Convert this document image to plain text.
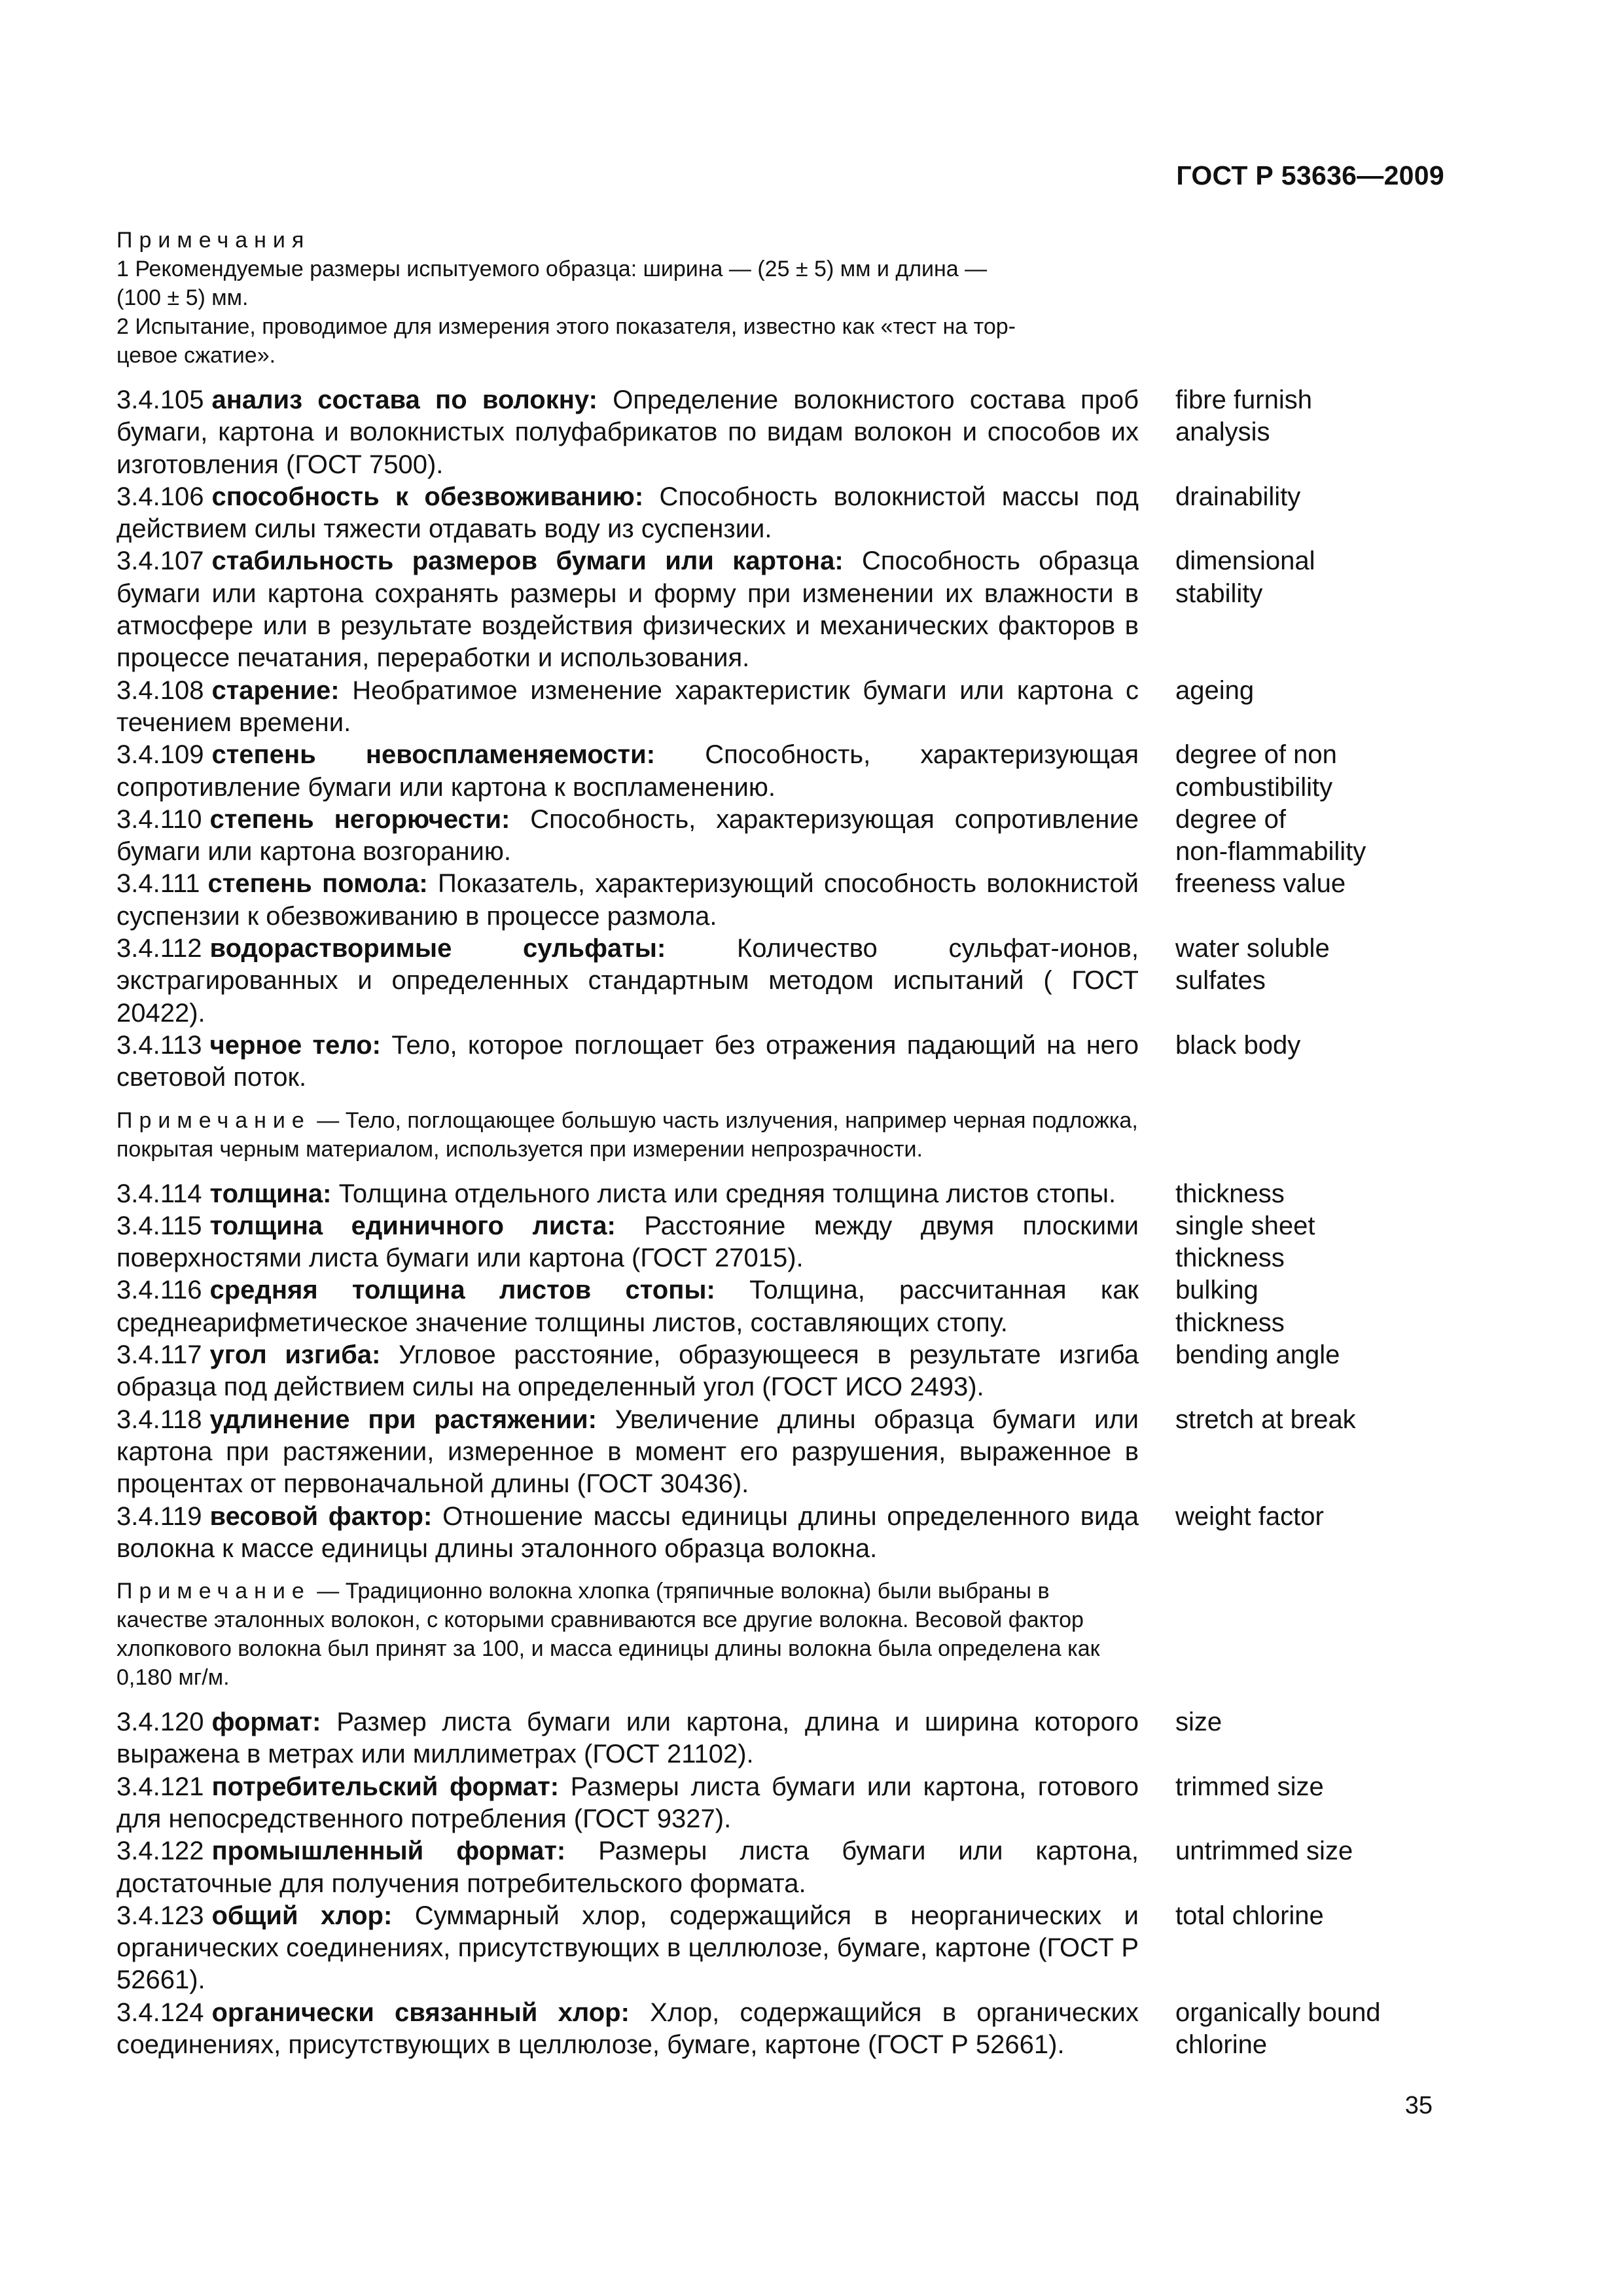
ГОСТ Р 53636—2009
Примечания
1 Рекомендуемые размеры испытуемого образца: ширина — (25 ± 5) мм и длина —
(100 ± 5) мм.
2 Испытание, проводимое для измерения этого показателя, известно как «тест на тор-
цевое сжатие».
3.4.105 анализ состава по волокну: Определение волокнистого состава проб бумаги, картона и волокнистых полуфабрикатов по видам волокон и способов их изготовления (ГОСТ 7500).
fibre furnish
analysis
3.4.106 способность к обезвоживанию: Способность волокнистой массы под действием силы тяжести отдавать воду из суспензии.
drainability
3.4.107 стабильность размеров бумаги или картона: Способность образца бумаги или картона сохранять размеры и форму при изменении их влажности в атмосфере или в результате воздействия физических и механических факторов в процессе печатания, переработки и использования.
dimensional
stability
3.4.108 старение: Необратимое изменение характеристик бумаги или картона с течением времени.
ageing
3.4.109 степень невоспламеняемости: Способность, характеризующая сопротивление бумаги или картона к воспламенению.
degree of non
combustibility
3.4.110 степень негорючести: Способность, характеризующая сопротивление бумаги или картона возгоранию.
degree of
non-flammability
3.4.111 степень помола: Показатель, характеризующий способность волокнистой суспензии к обезвоживанию в процессе размола.
freeness value
3.4.112 водорастворимые сульфаты:	Количество сульфат-ионов, экстрагированных и определенных стандартным методом испытаний ( ГОСТ 20422).
water soluble
sulfates
3.4.113 черное тело: Тело, которое поглощает без отражения падающий на него световой поток.
black body
Примечание — Тело, поглощающее большую часть излучения, например черная подложка, покрытая черным материалом, используется при измерении непрозрачности.
3.4.114 толщина: Толщина отдельного листа или средняя толщина листов стопы.	thickness
3.4.115 толщина единичного листа: Расстояние между двумя плоскими поверхностями листа бумаги или картона (ГОСТ 27015).
single sheet
thickness
3.4.116 средняя толщина листов стопы: Толщина, рассчитанная как среднеарифметическое значение толщины листов, составляющих стопу.
bulking
thickness
3.4.117 угол изгиба: Угловое расстояние, образующееся в результате изгиба образца под действием силы на определенный угол (ГОСТ ИСО 2493).
bending angle
3.4.118 удлинение при растяжении: Увеличение длины образца бумаги или картона при растяжении, измеренное в момент его разрушения, выраженное в процентах от первоначальной длины (ГОСТ 30436).
stretch at break
3.4.119 весовой фактор: Отношение массы единицы длины определенного вида волокна к массе единицы длины эталонного образца волокна.
weight factor
Примечание — Традиционно волокна хлопка (тряпичные волокна) были выбраны в качестве эталонных волокон, с которыми сравниваются все другие волокна. Весовой фактор хлопкового волокна был принят за 100, и масса единицы длины волокна была определена как 0,180 мг/м.
3.4.120 формат: Размер листа бумаги или картона, длина и ширина которого выражена в метрах или миллиметрах (ГОСТ 21102).
size
3.4.121 потребительский формат: Размеры листа бумаги или картона, готового для непосредственного потребления (ГОСТ 9327).
trimmed size
3.4.122 промышленный формат: Размеры листа бумаги или картона, достаточные для получения потребительского формата.
untrimmed size
3.4.123 общий хлор: Суммарный хлор, содержащийся в неорганических и органических соединениях, присутствующих в целлюлозе, бумаге, картоне (ГОСТ Р 52661).
total chlorine
3.4.124 органически связанный хлор: Хлор, содержащийся в органических соединениях, присутствующих в целлюлозе, бумаге, картоне (ГОСТ Р 52661).
organically bound
chlorine
35
